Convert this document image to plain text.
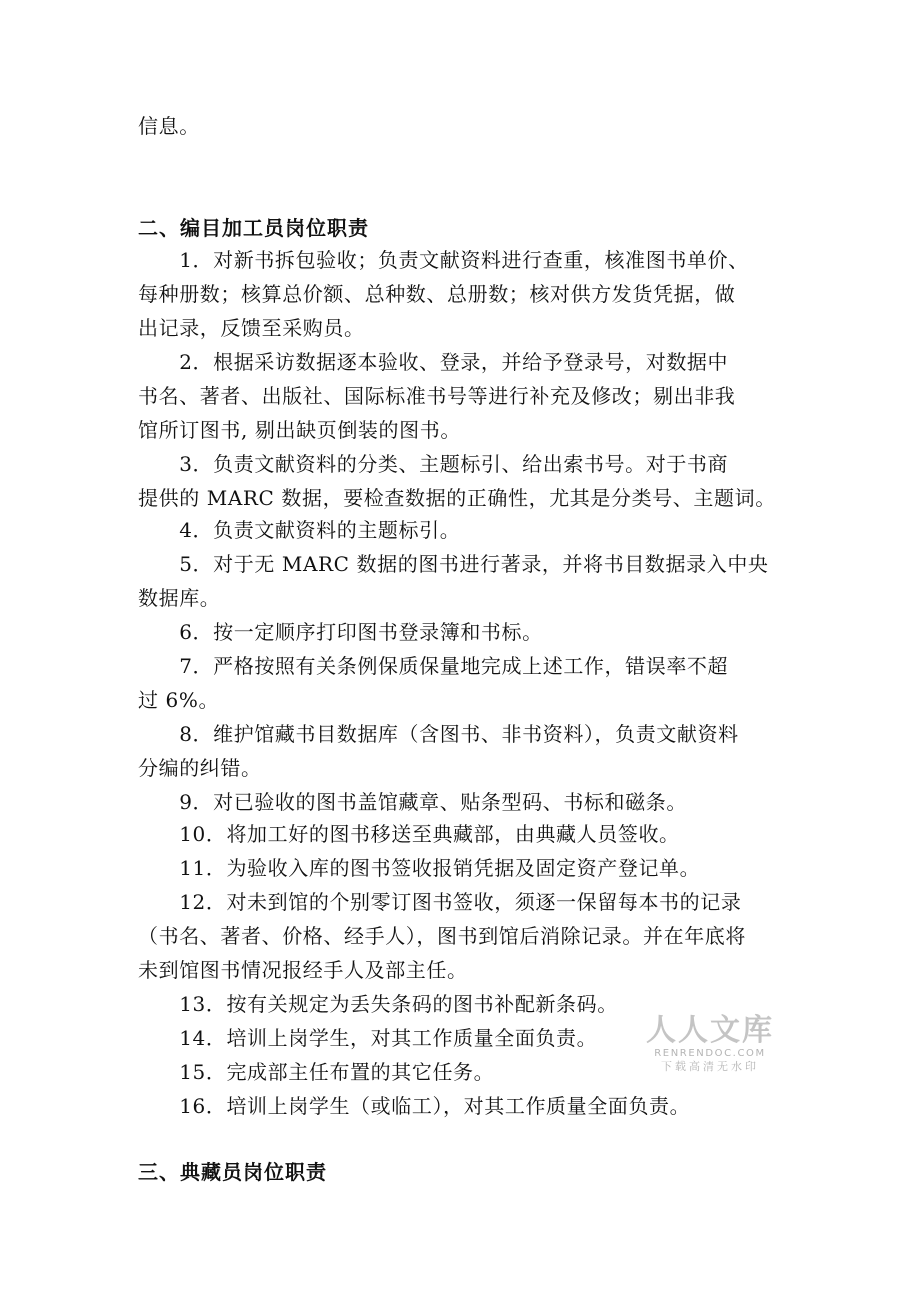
信息。
二、编目加工员岗位职责
　　1．对新书拆包验收；负责文献资料进行查重，核准图书单价、
每种册数；核算总价额、总种数、总册数；核对供方发货凭据，做
出记录，反馈至采购员。
　　2．根据采访数据逐本验收、登录，并给予登录号，对数据中
书名、著者、出版社、国际标准书号等进行补充及修改；剔出非我
馆所订图书, 剔出缺页倒装的图书。
　　3．负责文献资料的分类、主题标引、给出索书号。对于书商
提供的 MARC 数据，要检查数据的正确性，尤其是分类号、主题词。
　　4．负责文献资料的主题标引。
　　5．对于无 MARC 数据的图书进行著录，并将书目数据录入中央
数据库。
　　6．按一定顺序打印图书登录簿和书标。
　　7．严格按照有关条例保质保量地完成上述工作，错误率不超
过 6%。
　　8．维护馆藏书目数据库（含图书、非书资料），负责文献资料
分编的纠错。
　　9．对已验收的图书盖馆藏章、贴条型码、书标和磁条。
　　10．将加工好的图书移送至典藏部，由典藏人员签收。
　　11．为验收入库的图书签收报销凭据及固定资产登记单。
　　12．对未到馆的个别零订图书签收，须逐一保留每本书的记录
（书名、著者、价格、经手人），图书到馆后消除记录。并在年底将
未到馆图书情况报经手人及部主任。
　　13．按有关规定为丢失条码的图书补配新条码。
　　14．培训上岗学生，对其工作质量全面负责。
　　15．完成部主任布置的其它任务。
　　16．培训上岗学生（或临工），对其工作质量全面负责。
三、典藏员岗位职责
人人文库
RENRENDOC.COM
下载高清无水印
